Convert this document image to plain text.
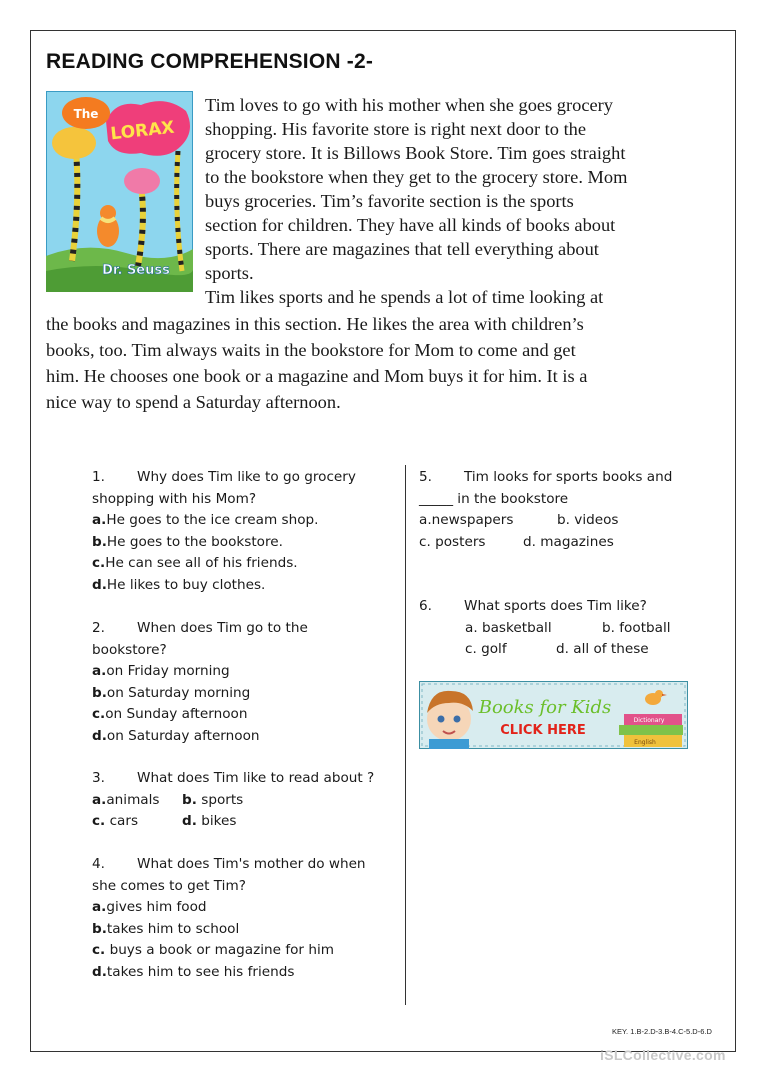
READING COMPREHENSION -2-
LORAX
The
Dr. Seuss
Tim loves to go with his mother when she goes grocery
shopping. His favorite store is right next door to the
grocery store. It is Billows Book Store. Tim goes straight
to the bookstore when they get to the grocery store. Mom
buys groceries. Tim’s favorite section is the sports
section for children. They have all kinds of books about
sports. There are magazines that tell everything about
sports.
Tim likes sports and he spends a lot of time looking at
the books and magazines in this section. He likes the area with children’s
books, too. Tim always waits in the bookstore for Mom to come and get
him. He chooses one book or a magazine and Mom buys it for him. It is a
nice way to spend a Saturday afternoon.
1. Why does Tim like to go grocery
shopping with his Mom?
a.He goes to the ice cream shop.
b.He goes to the bookstore.
c.He can see all of his friends.
d.He likes to buy clothes.
2. When does Tim go to the
bookstore?
a.on Friday morning
b.on Saturday morning
c.on Sunday afternoon
d.on Saturday afternoon
3. What does Tim like to read about ?
a.animals
c. cars
b. sports
d. bikes
4. What does Tim's mother do when
she comes to get Tim?
a.gives him food
b.takes him to school
c. buys a book or magazine for him
d.takes him to see his friends
5. Tim looks for sports books and
_____ in the bookstore
a.newspapers
c. posters
b. videos
d. magazines
6. What sports does Tim like?
a. basketball	b. football
c. golf	d. all of these
Books for Kids
CLICK HERE
Dictionary
English
KEY. 1.B-2.D-3.B-4.C-5.D-6.D
iSLCollective.com
